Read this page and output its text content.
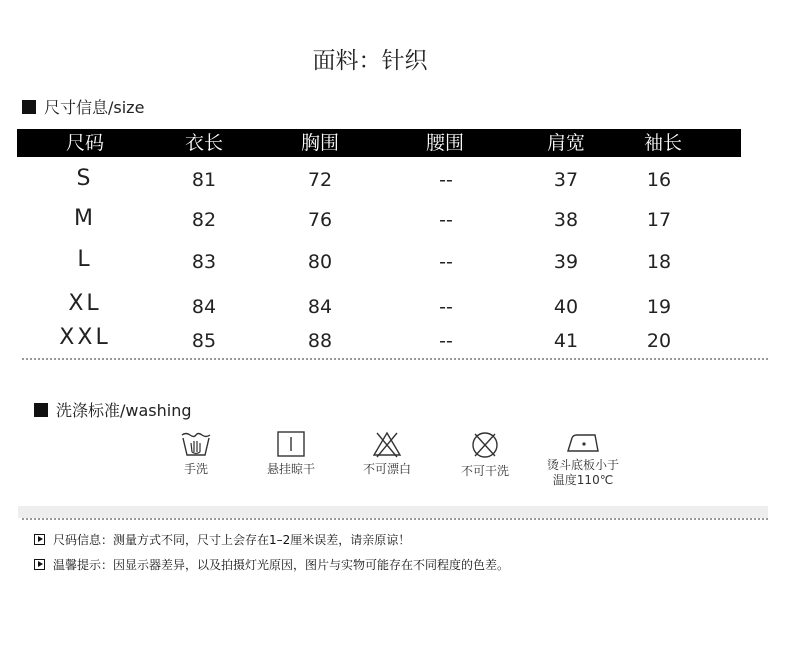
面料：针织
尺寸信息/size
尺码	衣长	胸围	腰围	肩宽	袖长
S	81	72	--	37	16
M	82	76	--	38	17
L	83	80	--	39	18
XL	84	84	--	40	19
XXL	85	88	--	41	20
洗涤标准/washing
手洗	悬挂晾干	不可漂白	不可干洗	烫斗底板小于
温度110℃
尺码信息：测量方式不同，尺寸上会存在1–2厘米误差，请亲原谅！
温馨提示：因显示器差异，以及拍摄灯光原因，图片与实物可能存在不同程度的色差。
